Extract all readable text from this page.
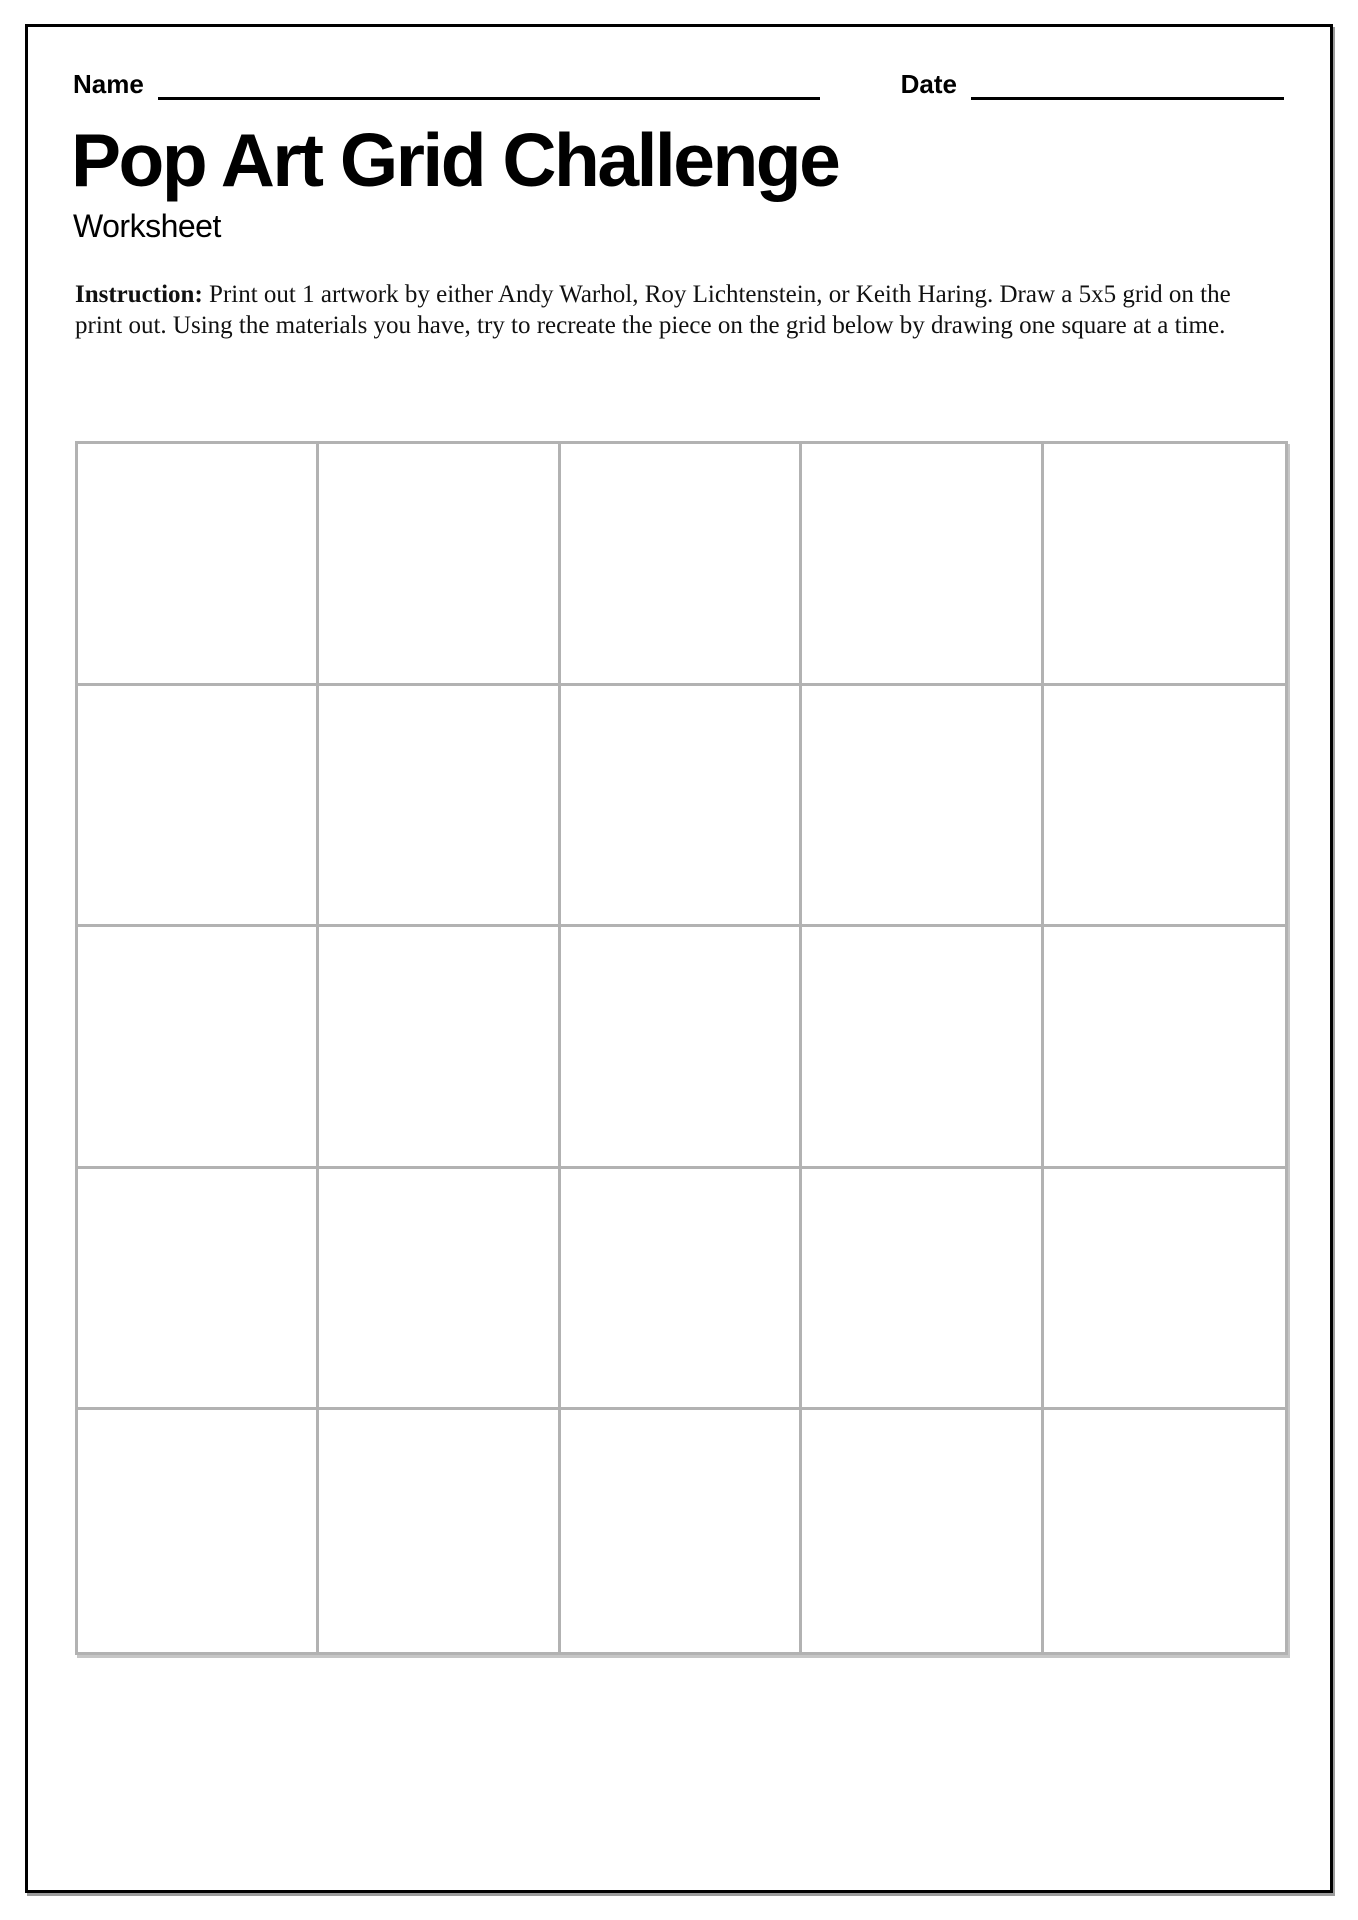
Name	Date
Pop Art Grid Challenge
Worksheet

Instruction: Print out 1 artwork by either Andy Warhol, Roy Lichtenstein, or Keith Haring. Draw a 5x5 grid on the
print out. Using the materials you have, try to recreate the piece on the grid below by drawing one square at a time.
